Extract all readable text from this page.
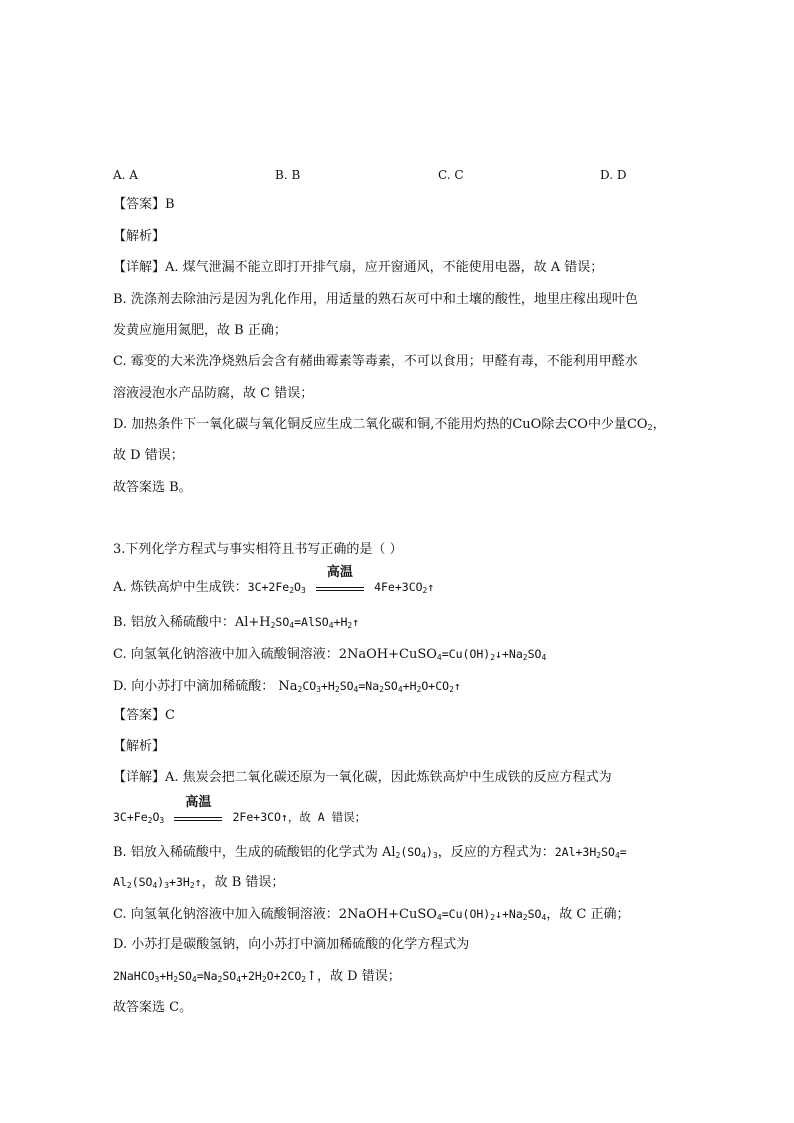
A. A	B. B	C. C	D. D
【答案】B
【解析】
【详解】A. 煤气泄漏不能立即打开排气扇，应开窗通风，不能使用电器，故 A 错误；
B. 洗涤剂去除油污是因为乳化作用，用适量的熟石灰可中和土壤的酸性，地里庄稼出现叶色
发黄应施用氮肥，故 B 正确；
C. 霉变的大米洗净烧熟后会含有赭曲霉素等毒素，不可以食用；甲醛有毒，不能利用甲醛水
溶液浸泡水产品防腐，故 C 错误；
D. 加热条件下一氧化碳与氧化铜反应生成二氧化碳和铜,不能用灼热的CuO除去CO中少量$CO_2$，
故 D 错误；
故答案选 B。
3.下列化学方程式与事实相符且书写正确的是（ ）
A. 炼铁高炉中生成铁：$3C+2Fe_2O_3$
高温
$4Fe+3CO_2↑$
B. 铝放入稀硫酸中：$Al+H_2SO_4=AlSO_4+H_2↑$
C. 向氢氧化钠溶液中加入硫酸铜溶液：$2NaOH+CuSO_4=Cu(OH)_2↓+Na_2SO_4$
D. 向小苏打中滴加稀硫酸： $Na_2CO_3+H_2SO_4=Na_2SO_4+H_2O+CO_2↑$
【答案】C
【解析】
【详解】A. 焦炭会把二氧化碳还原为一氧化碳，因此炼铁高炉中生成铁的反应方程式为
$3C+Fe_2O_3$
高温
2Fe+3CO↑，故 A 错误；
B. 铝放入稀硫酸中，生成的硫酸铝的化学式为 $Al_2(SO_4)_3$，反应的方程式为：$2Al+3H_2SO_4=$
$Al_2(SO_4)_3+3H_2↑$，故 B 错误；
C. 向氢氧化钠溶液中加入硫酸铜溶液：$2NaOH+CuSO_4=Cu(OH)_2↓+Na_2SO_4$，故 C 正确；
D. 小苏打是碳酸氢钠，向小苏打中滴加稀硫酸的化学方程式为
$2NaHCO_3+H_2SO_4=Na_2SO_4+2H_2O+2CO_2↑$，故 D 错误；
故答案选 C。
